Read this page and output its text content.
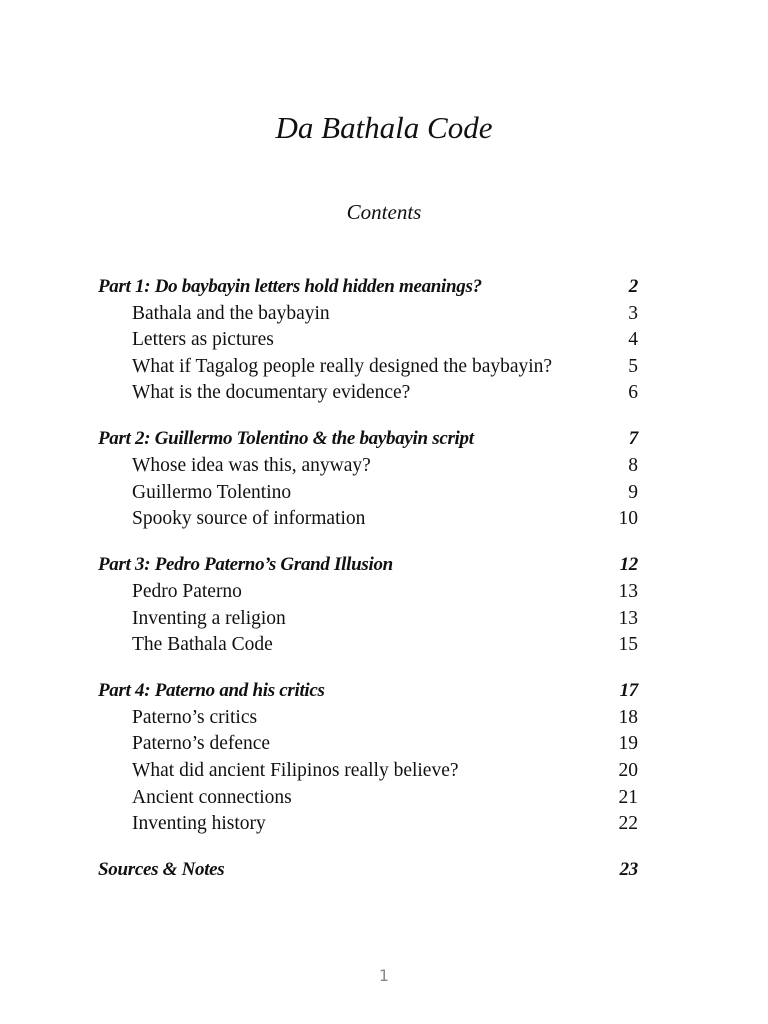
Da Bathala Code
Contents
Part 1: Do baybayin letters hold hidden meanings?	2
Bathala and the baybayin	3
Letters as pictures	4
What if Tagalog people really designed the baybayin?	5
What is the documentary evidence?	6
Part 2: Guillermo Tolentino & the baybayin script	7
Whose idea was this, anyway?	8
Guillermo Tolentino	9
Spooky source of information	10
Part 3: Pedro Paterno’s Grand Illusion	12
Pedro Paterno	13
Inventing a religion	13
The Bathala Code	15
Part 4: Paterno and his critics	17
Paterno’s critics	18
Paterno’s defence	19
What did ancient Filipinos really believe?	20
Ancient connections	21
Inventing history	22
Sources & Notes	23
1
